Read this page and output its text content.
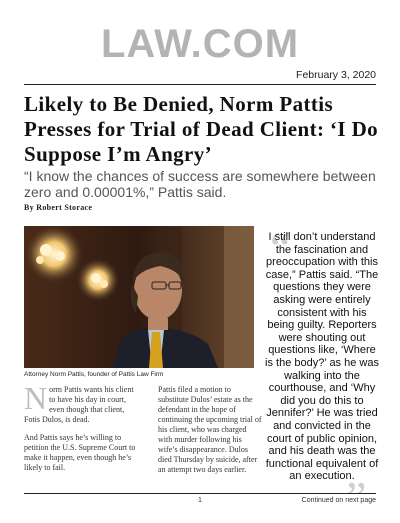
LAW.COM
February 3, 2020
Likely to Be Denied, Norm Pattis Presses for Trial of Dead Client: ‘I Do Suppose I’m Angry’

“I know the chances of success are somewhere between zero and 0.00001%,” Pattis said.

By Robert Storace
Attorney Norm Pattis, founder of Pattis Law Firm

Norm Pattis wants his client to have his day in court, even though that client, Fotis Dulos, is dead.

And Pattis says he’s willing to petition the U.S. Supreme Court to make it happen, even though he’s likely to fail.

Pattis filed a motion to substitute Dulos’ estate as the defendant in the hope of continuing the upcoming trial of his client, who was charged with murder following his wife’s disappearance. Dulos died Thursday by suicide, after an attempt two days earlier.

“
I still don’t understand the fascination and preoccupation with this case,” Pattis said. “The questions they were asking were entirely consistent with his being guilty. Reporters were shouting out questions like, ‘Where is the body?’ as he was walking into the courthouse, and ‘Why did you do this to Jennifer?’ He was tried and convicted in the court of public opinion, and his death was the functional equivalent of an execution.
”
1	Continued on next page
